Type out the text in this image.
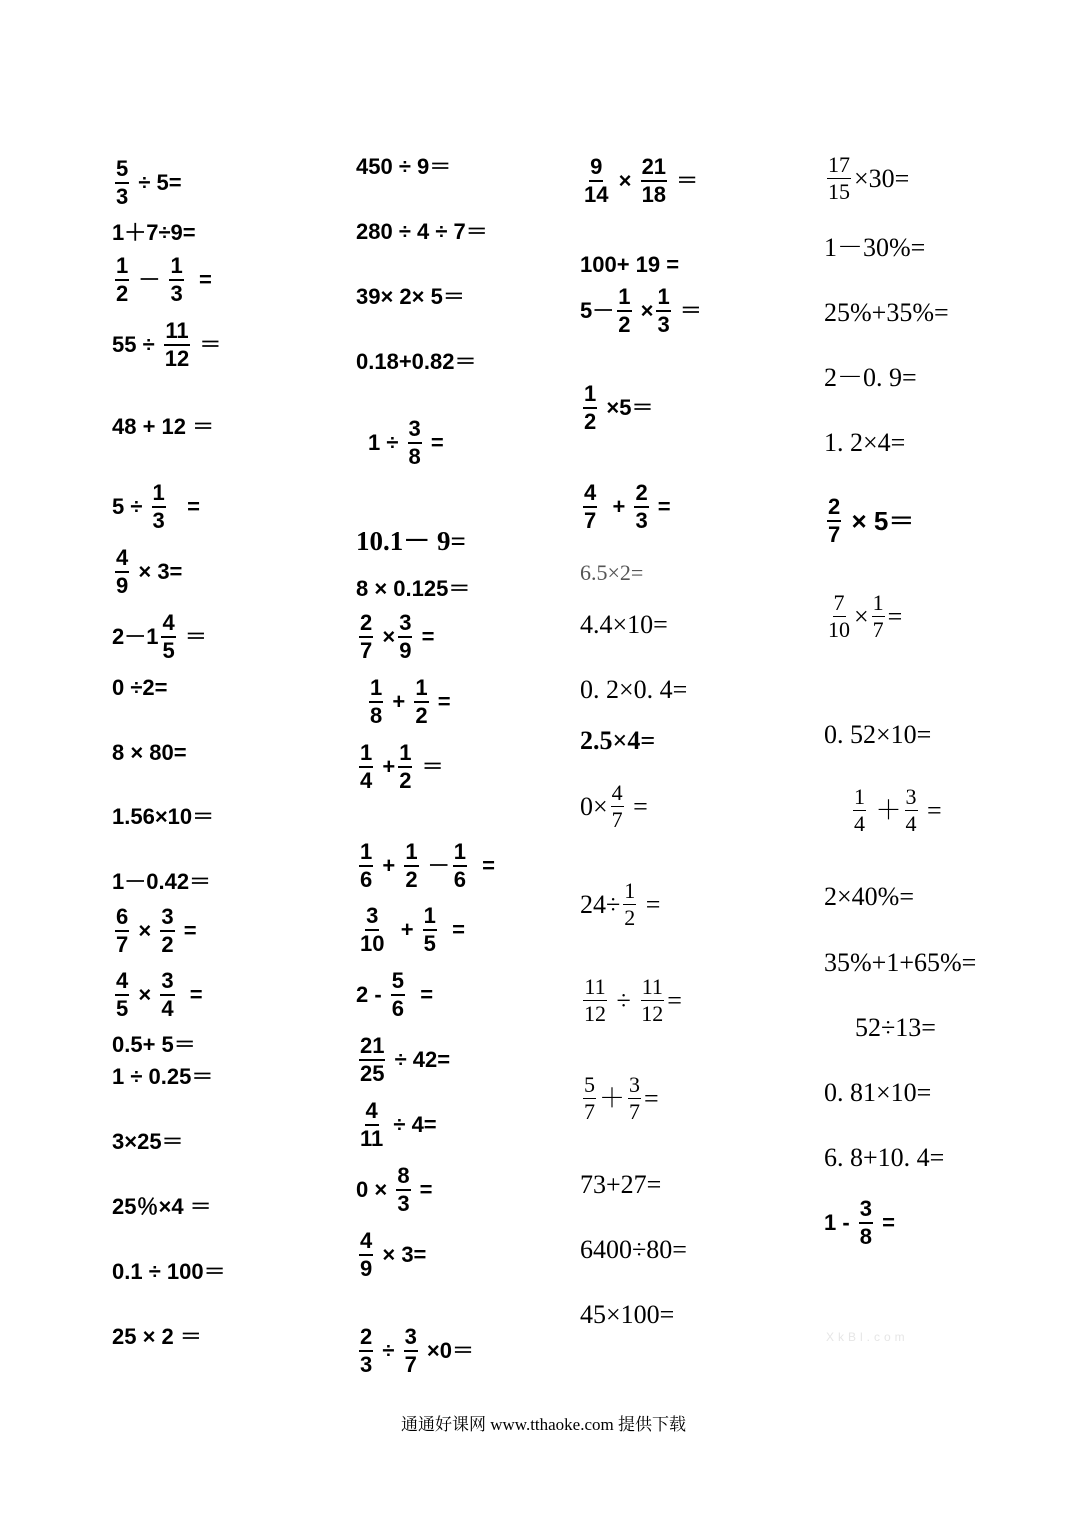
$\frac{5}{3} \div 5=$
1＋7÷9=
$\frac{1}{2} - \frac{1}{3}$ =
$55 \div \frac{11}{12}$ ＝
48 + 12 ＝
$5 \div \frac{1}{3}$ =
$\frac{4}{9} \times 3=$
$2-1 \frac{4}{5}$ ＝
0 ÷2=
8 × 80=
1.56×10＝
1－0.42＝
$\frac{6}{7} \times \frac{3}{2}$ =
$\frac{4}{5} \times \frac{3}{4}$ =
0.5+ 5＝
1 ÷ 0.25＝
3×25＝
25％×4 ＝
0.1 ÷ 100＝
25 × 2 ＝
450 ÷ 9＝
280 ÷ 4 ÷ 7＝
39× 2× 5＝
0.18+0.82＝
$1 \div \frac{3}{8}$ =
10.1－ 9=
8 × 0.125＝
$\frac{2}{7} \times \frac{3}{9}$ =
$\frac{1}{8} + \frac{1}{2}$ =
$\frac{1}{4} + \frac{1}{2}$ ＝
$\frac{1}{6} + \frac{1}{2} - \frac{1}{6}$ =
$\frac{3}{10} + \frac{1}{5}$ =
$2 - \frac{5}{6}$ =
$\frac{21}{25} \div 42=$
$\frac{4}{11} \div 4=$
$0 \times \frac{8}{3}$ =
$\frac{4}{9} \times 3=$
$\frac{2}{3} \div \frac{3}{7} \times 0=$
$\frac{9}{14} \times \frac{21}{18}$ ＝
100+ 19 =
$5- \frac{1}{2} \times \frac{1}{3}$ ＝
$\frac{1}{2} \times 5=$
$\frac{4}{7} + \frac{2}{3}$ =
6.5×2=
4.4×10=
0. 2×0. 4=
2.5×4=
$0\times \frac{4}{7}$ =
$24\div \frac{1}{2}$ =
$\frac{11}{12} \div \frac{11}{12}$ =
$\frac{5}{7} + \frac{3}{7}$ =
73+27=
6400÷80=
45×100=
$\frac{17}{15} \times 30=$
1－30%=
25%+35%=
2－0. 9=
1. 2×4=
$\frac{2}{7} \times 5=$
$\frac{7}{10} \times \frac{1}{7}$ =
0. 52×10=
$\frac{1}{4} + \frac{3}{4}$ =
2×40%=
35%+1+65%=
52÷13=
0. 81×10=
6. 8+10. 4=
$1 - \frac{3}{8}$ =
XkBl.com
通通好课网 www.tthaoke.com 提供下载
